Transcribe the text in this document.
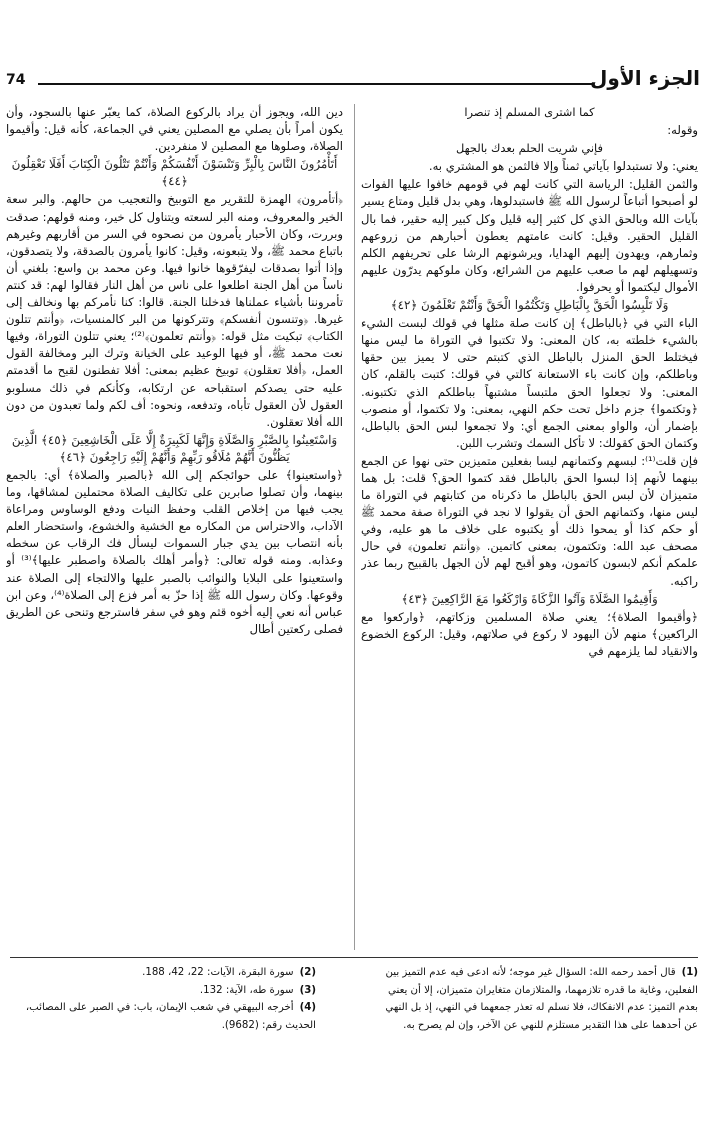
74	الجزء الأول

كما اشترى المسلم إذ تنصرا

وقوله:

فإني شريت الحلم بعدك بالجهل

يعني: ولا تستبدلوا بآياتي ثمناً وإلا فالثمن هو المشتري به.

والثمن القليل: الرياسة التي كانت لهم في قومهم خافوا عليها الفوات لو أصبحوا أتباعاً لرسول الله ﷺ فاستبدلوها، وهي بدل قليل ومتاع يسير بآيات الله وبالحق الذي كل كثير إليه قليل وكل كبير إليه حقير، فما بال القليل الحقير. وقيل: كانت عامتهم يعطون أحبارهم من زروعهم وثمارهم، ويهدون إليهم الهدايا، ويرشونهم الرشا على تحريفهم الكلم وتسهيلهم لهم ما صعب عليهم من الشرائع، وكان ملوكهم يدرّون عليهم الأموال ليكتموا أو يحرفوا.

وَلَا تَلْبِسُوا الْحَقَّ بِالْبَاطِلِ وَتَكْتُمُوا الْحَقَّ وَأَنْتُمْ تَعْلَمُونَ ﴿٤٢﴾

الباء التي في ﴿بالباطل﴾ إن كانت صلة مثلها في قولك لبست الشيء بالشيء خلطته به، كان المعنى: ولا تكتبوا في التوراة ما ليس منها فيختلط الحق المنزل بالباطل الذي كتبتم حتى لا يميز بين حقها وباطلكم، وإن كانت باء الاستعانة كالتي في قولك: كتبت بالقلم، كان المعنى: ولا تجعلوا الحق ملتبساً مشتبهاً بباطلكم الذي تكتبونه. ﴿وتكتموا﴾ جزم داخل تحت حكم النهي، بمعنى: ولا تكتموا، أو منصوب بإضمار أن، والواو بمعنى الجمع أي: ولا تجمعوا لبس الحق بالباطل، وكتمان الحق كقولك: لا تأكل السمك وتشرب اللبن.

فإن قلت⁽¹⁾: لبسهم وكتمانهم ليسا بفعلين متميزين حتى نهوا عن الجمع بينهما لأنهم إذا لبسوا الحق بالباطل فقد كتموا الحق؟ قلت: بل هما متميزان لأن لبس الحق بالباطل ما ذكرناه من كتابتهم في التوراة ما ليس منها، وكتمانهم الحق أن يقولوا لا نجد في التوراة صفة محمد ﷺ أو حكم كذا أو يمحوا ذلك أو يكتبوه على خلاف ما هو عليه، وفي مصحف عبد الله: وتكتمون، بمعنى كاتمين. ﴿وأنتم تعلمون﴾ في حال علمكم أنكم لابسون كاتمون، وهو أقبح لهم لأن الجهل بالقبيح ربما عذر راكبه.

وَأَقِيمُوا الصَّلَاةَ وَآتُوا الزَّكَاةَ وَارْكَعُوا مَعَ الرَّاكِعِينَ ﴿٤٣﴾

﴿وأقيموا الصلاة﴾؛ يعني صلاة المسلمين وزكاتهم، ﴿واركعوا مع الراكعين﴾ منهم لأن اليهود لا ركوع في صلاتهم، وقيل: الركوع الخضوع والانقياد لما يلزمهم في

دين الله، ويجوز أن يراد بالركوع الصلاة، كما يعبّر عنها بالسجود، وأن يكون أمراً بأن يصلي مع المصلين يعني في الجماعة، كأنه قيل: وأقيموا الصلاة، وصلوها مع المصلين لا منفردين.

أَتَأْمُرُونَ النَّاسَ بِالْبِرِّ وَتَنْسَوْنَ أَنْفُسَكُمْ وَأَنْتُمْ تَتْلُونَ الْكِتَابَ أَفَلَا تَعْقِلُونَ ﴿٤٤﴾

﴿أتأمرون﴾ الهمزة للتقرير مع التوبيخ والتعجيب من حالهم. والبر سعة الخير والمعروف، ومنه البر لسعته ويتناول كل خير، ومنه قولهم: صدقت وبررت، وكان الأحبار يأمرون من نصحوه في السر من أقاربهم وغيرهم باتباع محمد ﷺ، ولا يتبعونه، وقيل: كانوا يأمرون بالصدقة، ولا يتصدقون، وإذا أتوا بصدقات ليفرّقوها خانوا فيها. وعن محمد بن واسع: بلغني أن ناساً من أهل الجنة اطلعوا على ناس من أهل النار فقالوا لهم: قد كنتم تأمروننا بأشياء عملناها فدخلنا الجنة. قالوا: كنا نأمركم بها ونخالف إلى غيرها. ﴿وتنسون أنفسكم﴾ وتتركونها من البر كالمنسيات، ﴿وأنتم تتلون الكتاب﴾ تبكيت مثل قوله: ﴿وأنتم تعلمون﴾⁽²⁾؛ يعني تتلون التوراة، وفيها نعت محمد ﷺ، أو فيها الوعيد على الخيانة وترك البر ومخالفة القول العمل، ﴿أفلا تعقلون﴾ توبيخ عظيم بمعنى: أفلا تفطنون لقبح ما أقدمتم عليه حتى يصدكم استقباحه عن ارتكابه، وكأنكم في ذلك مسلوبو العقول لأن العقول تأباه، وتدفعه، ونحوه: أف لكم ولما تعبدون من دون الله أفلا تعقلون.

وَاسْتَعِينُوا بِالصَّبْرِ وَالصَّلَاةِ وَإِنَّهَا لَكَبِيرَةٌ إِلَّا عَلَى الْخَاشِعِينَ ﴿٤٥﴾ الَّذِينَ يَظُنُّونَ أَنَّهُمْ مُلَاقُو رَبِّهِمْ وَأَنَّهُمْ إِلَيْهِ رَاجِعُونَ ﴿٤٦﴾

﴿واستعينوا﴾ على حوائجكم إلى الله ﴿بالصبر والصلاة﴾ أي: بالجمع بينهما، وأن تصلوا صابرين على تكاليف الصلاة محتملين لمشاقها، وما يجب فيها من إخلاص القلب وحفظ النيات ودفع الوساوس ومراعاة الآداب، والاحتراس من المكاره مع الخشية والخشوع، واستحضار العلم بأنه انتصاب بين يدي جبار السموات ليسأل فك الرقاب عن سخطه وعذابه. ومنه قوله تعالى: ﴿وأمر أهلك بالصلاة واصطبر عليها﴾⁽³⁾ أو واستعينوا على البلايا والنوائب بالصبر عليها والالتجاء إلى الصلاة عند وقوعها. وكان رسول الله ﷺ إذا حزّ به أمر فزع إلى الصلاة⁽⁴⁾، وعن ابن عباس أنه نعي إليه أخوه قثم وهو في سفر فاسترجع وتنحى عن الطريق فصلى ركعتين أطال

(1)قال أحمد رحمه الله: السؤال غير موجه؛ لأنه ادعى فيه عدم التميز بين الفعلين، وغاية ما قدره تلازمهما، والمتلازمان متغايران متميزان، إلا أن يعني بعدم التميز: عدم الانفكاك، فلا نسلم له تعذر جمعهما في النهي، إذ بل النهي عن أحدهما على هذا التقدير مستلزم للنهي عن الآخر، وإن لم يصرح به.

(2)سورة البقرة، الآيات: 22، 42، 188.

(3)سورة طه، الآية: 132.

(4)أخرجه البيهقي في شعب الإيمان، باب: في الصبر على المصائب، الحديث رقم: (9682).
